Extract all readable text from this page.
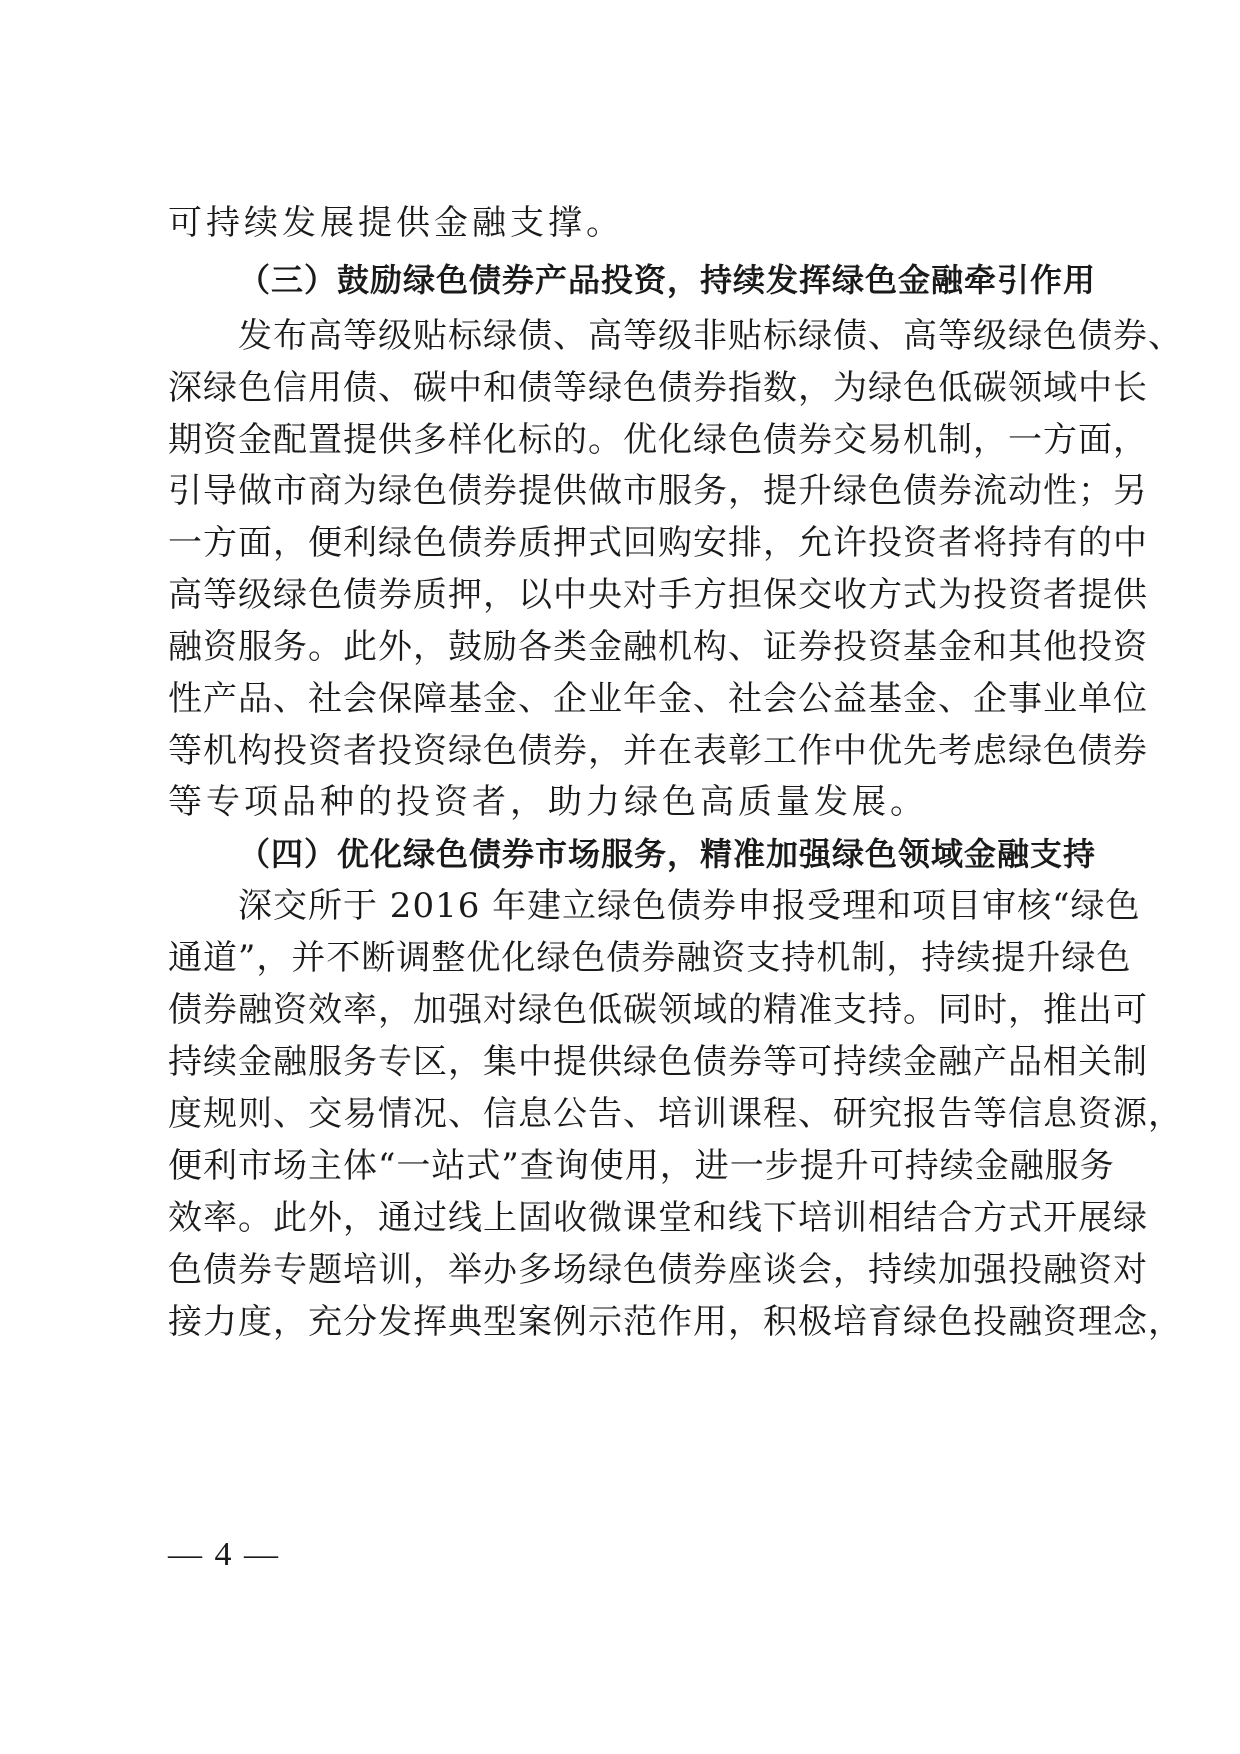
可持续发展提供金融支撑。
（三）鼓励绿色债券产品投资，持续发挥绿色金融牵引作用
发布高等级贴标绿债、高等级非贴标绿债、高等级绿色债券、
深绿色信用债、碳中和债等绿色债券指数，为绿色低碳领域中长
期资金配置提供多样化标的。优化绿色债券交易机制，一方面，
引导做市商为绿色债券提供做市服务，提升绿色债券流动性；另
一方面，便利绿色债券质押式回购安排，允许投资者将持有的中
高等级绿色债券质押，以中央对手方担保交收方式为投资者提供
融资服务。此外，鼓励各类金融机构、证券投资基金和其他投资
性产品、社会保障基金、企业年金、社会公益基金、企事业单位
等机构投资者投资绿色债券，并在表彰工作中优先考虑绿色债券
等专项品种的投资者，助力绿色高质量发展。
（四）优化绿色债券市场服务，精准加强绿色领域金融支持
深交所于 2016 年建立绿色债券申报受理和项目审核“绿色
通道”，并不断调整优化绿色债券融资支持机制，持续提升绿色
债券融资效率，加强对绿色低碳领域的精准支持。同时，推出可
持续金融服务专区，集中提供绿色债券等可持续金融产品相关制
度规则、交易情况、信息公告、培训课程、研究报告等信息资源，
便利市场主体“一站式”查询使用，进一步提升可持续金融服务
效率。此外，通过线上固收微课堂和线下培训相结合方式开展绿
色债券专题培训，举办多场绿色债券座谈会，持续加强投融资对
接力度，充分发挥典型案例示范作用，积极培育绿色投融资理念，
— 4 —
